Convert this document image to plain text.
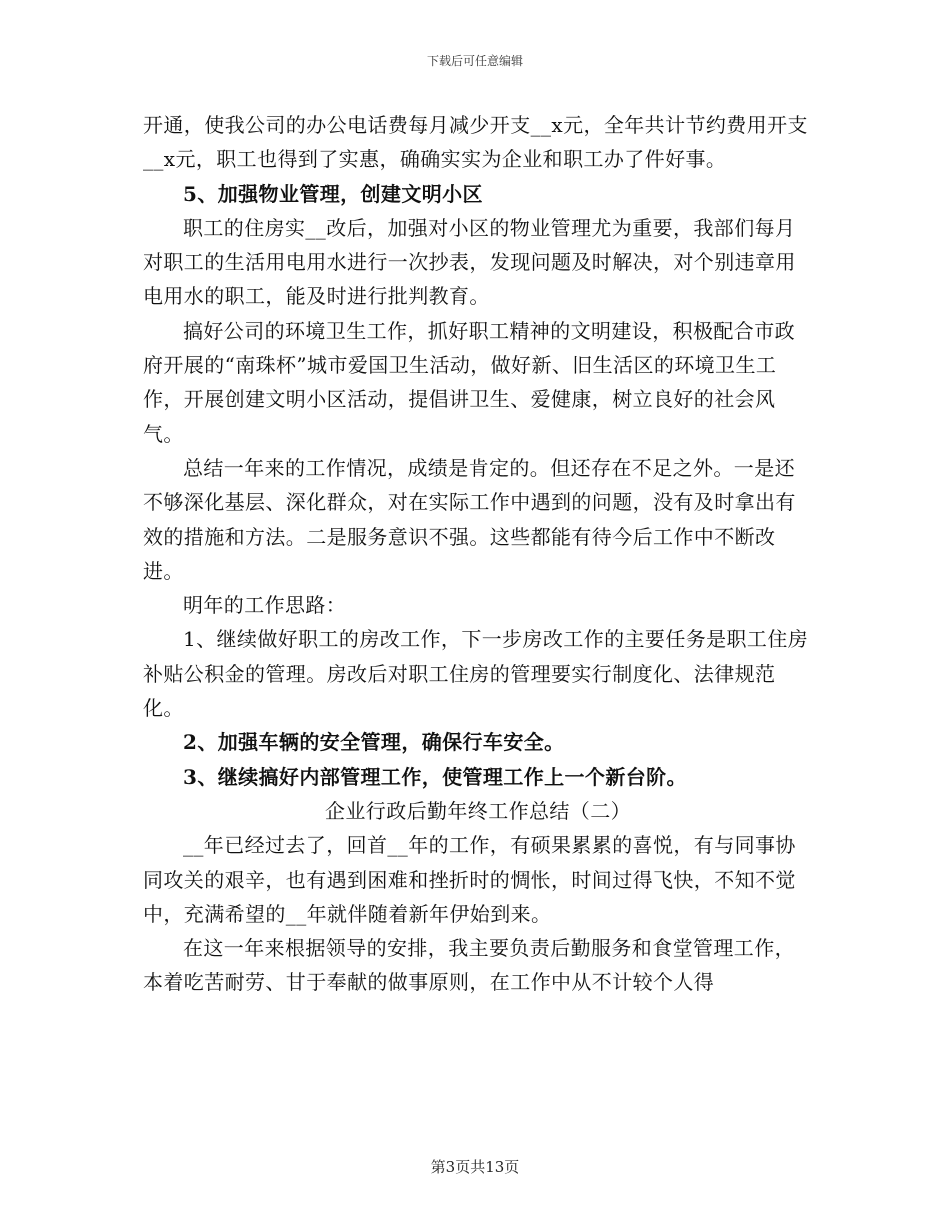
下载后可任意编辑

开通，使我公司的办公电话费每月减少开支__x元，全年共计节约费用开支__x元，职工也得到了实惠，确确实实为企业和职工办了件好事。

5、加强物业管理，创建文明小区

职工的住房实__改后，加强对小区的物业管理尤为重要，我部们每月对职工的生活用电用水进行一次抄表，发现问题及时解决，对个别违章用电用水的职工，能及时进行批判教育。

搞好公司的环境卫生工作，抓好职工精神的文明建设，积极配合市政府开展的“南珠杯”城市爱国卫生活动，做好新、旧生活区的环境卫生工作，开展创建文明小区活动，提倡讲卫生、爱健康，树立良好的社会风气。

总结一年来的工作情况，成绩是肯定的。但还存在不足之外。一是还不够深化基层、深化群众，对在实际工作中遇到的问题，没有及时拿出有效的措施和方法。二是服务意识不强。这些都能有待今后工作中不断改进。

明年的工作思路：

1、继续做好职工的房改工作，下一步房改工作的主要任务是职工住房补贴公积金的管理。房改后对职工住房的管理要实行制度化、法律规范化。

2、加强车辆的安全管理，确保行车安全。

3、继续搞好内部管理工作，使管理工作上一个新台阶。

企业行政后勤年终工作总结（二）

__年已经过去了，回首__年的工作，有硕果累累的喜悦，有与同事协同攻关的艰辛，也有遇到困难和挫折时的惆怅，时间过得飞快，不知不觉中，充满希望的__年就伴随着新年伊始到来。

在这一年来根据领导的安排，我主要负责后勤服务和食堂管理工作，本着吃苦耐劳、甘于奉献的做事原则，在工作中从不计较个人得

第3页共13页
